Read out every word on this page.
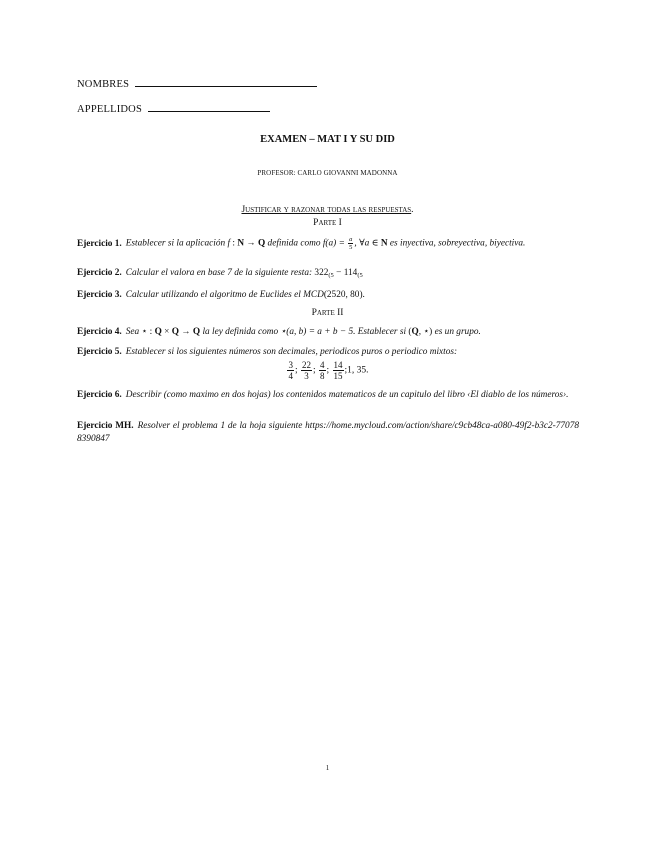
NOMBRES
APPELLIDOS
EXAMEN – MAT I Y SU DID
PROFESOR: CARLO GIOVANNI MADONNA
Justificar y razonar todas las respuestas.
Parte I
Ejercicio 1. Establecer si la aplicación f : N → Q definida como $f(a) = \frac{a}{5}$ , ∀a ∈ N es inyectiva, sobreyectiva, biyectiva.
Ejercicio 2. Calcular el valora en base 7 de la siguiente resta: $322_{(5} - 114_{(5}$
Ejercicio 3. Calcular utilizando el algoritmo de Euclides el MCD(2520, 80).
Parte II
Ejercicio 4. Sea ⋆ : Q × Q → Q la ley definida como ⋆(a, b) = a + b − 5. Establecer si (Q, ⋆) es un grupo.
Ejercicio 5. Establecer si los siguientes números son decimales, periodicos puros o periodico mixtos:
$\frac{3}{4}$ ; $\frac{22}{3}$ ; $\frac{4}{8}$ ; $\frac{14}{15}$ ;1, 35.
Ejercicio 6. Describir (como maximo en dos hojas) los contenidos matematicos de un capitulo del libro ‹El diablo de los números›.
Ejercicio MH. Resolver el problema 1 de la hoja siguiente https://home.mycloud.com/action/share/c9cb48ca-a080-49f2-b3c2-770788390847
1
